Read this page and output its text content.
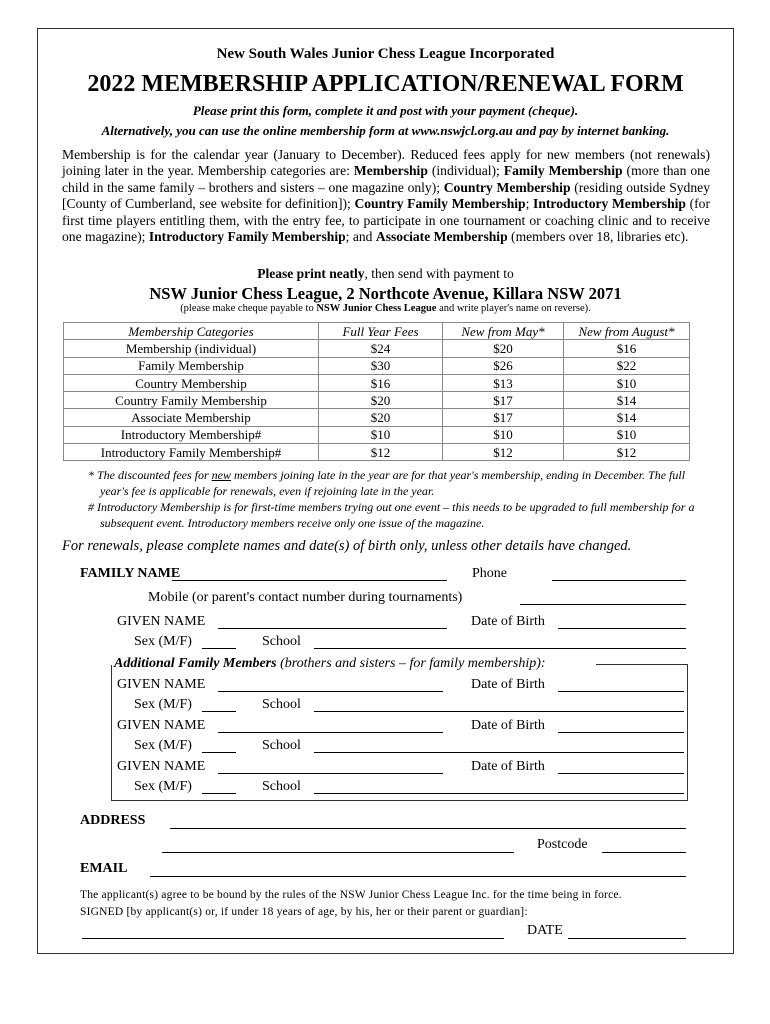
New South Wales Junior Chess League Incorporated
2022 MEMBERSHIP APPLICATION/RENEWAL FORM
Please print this form, complete it and post with your payment (cheque).
Alternatively, you can use the online membership form at www.nswjcl.org.au and pay by internet banking.
Membership is for the calendar year (January to December). Reduced fees apply for new members (not renewals) joining later in the year. Membership categories are: Membership (individual); Family Membership (more than one child in the same family – brothers and sisters – one magazine only); Country Membership (residing outside Sydney [County of Cumberland, see website for definition]); Country Family Membership; Introductory Membership (for first time players entitling them, with the entry fee, to participate in one tournament or coaching clinic and to receive one magazine); Introductory Family Membership; and Associate Membership (members over 18, libraries etc).
Please print neatly, then send with payment to
NSW Junior Chess League, 2 Northcote Avenue, Killara NSW 2071
(please make cheque payable to NSW Junior Chess League and write player's name on reverse).
Membership Categories	Full Year Fees	New from May*	New from August*
Membership (individual)	$24	$20	$16
Family Membership	$30	$26	$22
Country Membership	$16	$13	$10
Country Family Membership	$20	$17	$14
Associate Membership	$20	$17	$14
Introductory Membership#	$10	$10	$10
Introductory Family Membership#	$12	$12	$12
* The discounted fees for new members joining late in the year are for that year's membership, ending in December. The full year's fee is applicable for renewals, even if rejoining late in the year.
# Introductory Membership is for first-time members trying out one event – this needs to be upgraded to full membership for a subsequent event. Introductory members receive only one issue of the magazine.
For renewals, please complete names and date(s) of birth only, unless other details have changed.
FAMILY NAME	Phone
Mobile (or parent's contact number during tournaments)
GIVEN NAME	Date of Birth
Sex (M/F)	School
Additional Family Members (brothers and sisters – for family membership):
GIVEN NAME	Date of Birth
Sex (M/F)	School
GIVEN NAME	Date of Birth
Sex (M/F)	School
GIVEN NAME	Date of Birth
Sex (M/F)	School
ADDRESS
Postcode
EMAIL
The applicant(s) agree to be bound by the rules of the NSW Junior Chess League Inc. for the time being in force.
SIGNED [by applicant(s) or, if under 18 years of age, by his, her or their parent or guardian]:
DATE
